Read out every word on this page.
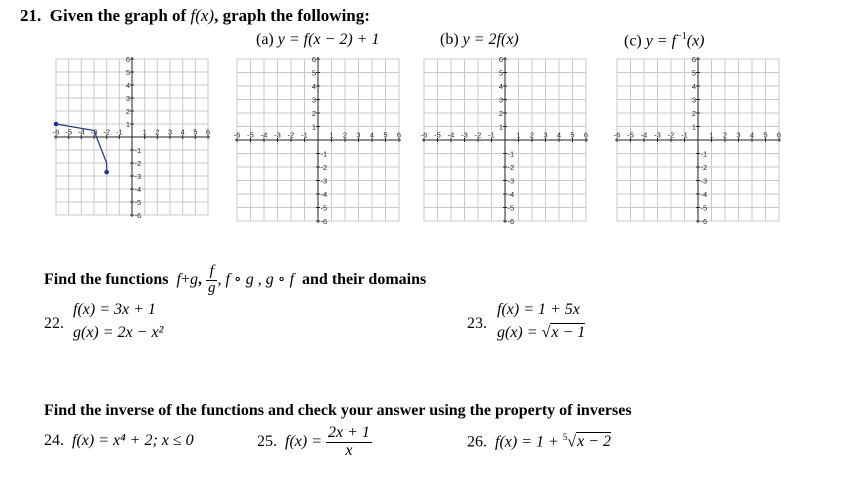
21. Given the graph of f(x), graph the following:
(a) y = f(x − 2) + 1	(b) y = 2f(x)	(c) $y = f^{-1}(x)$
-6 -5 -4 -3 -2 -1	1 2 3 4 5 6
6
5
4
3
2
1
-1
-2
-3
-4
-5
-6
-6 -5 -4 -3 -2 -1	1 2 3 4 5 6
6
5
4
3
2
1
-1
-2
-3
-4
-5
-6
-6 -5 -4 -3 -2 -1	1 2 3 4 5 6
6
5
4
3
2
1
-1
-2
-3
-4
-5
-6
-6 -5 -4 -3 -2 -1	1 2 3 4 5 6
6
5
4
3
2
1
-1
-2
-3
-4
-5
-6
Find the functions f+g, $\frac{f}{g}$ , f ∘ g , g ∘ f and their domains
22.
f(x) = 3x + 1
g(x) = 2x − x²
23.
f(x) = 1 + 5x
g(x) = √x − 1
Find the inverse of the functions and check your answer using the property of inverses
24. f(x) = x⁴ + 2; x ≤ 0	25. $f(x) = \frac{2x + 1}{x}$	26. f(x) = 1 + $^5$√x − 2
